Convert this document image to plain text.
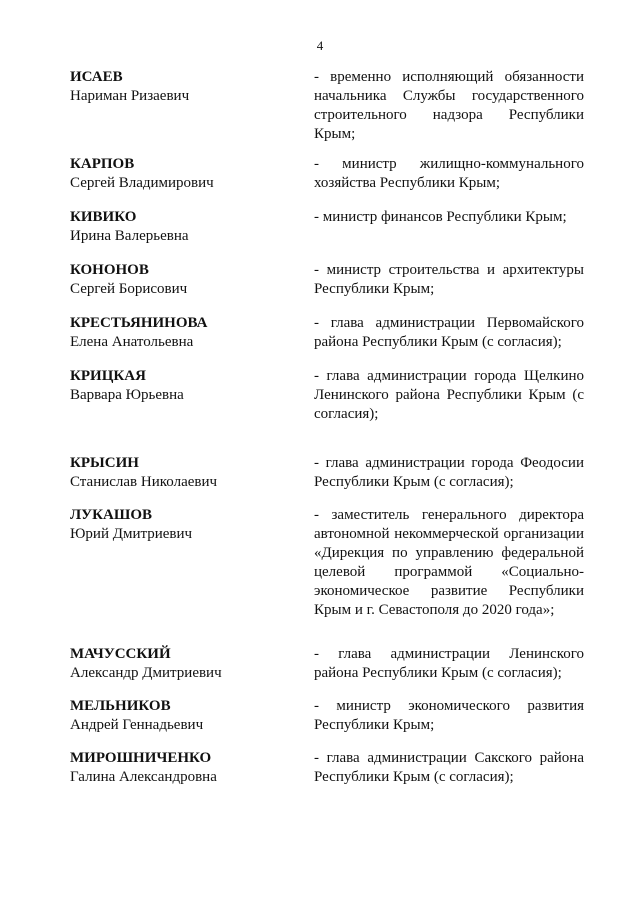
4
ИСАЕВ
Нариман Ризаевич
- временно исполняющий обязанности начальника Службы государственного строительного надзора Республики Крым;
КАРПОВ
Сергей Владимирович
- министр жилищно-коммунального хозяйства Республики Крым;
КИВИКО
Ирина Валерьевна
- министр финансов Республики Крым;
КОНОНОВ
Сергей Борисович
- министр строительства и архитектуры Республики Крым;
КРЕСТЬЯНИНОВА
Елена Анатольевна
- глава администрации Первомайского района Республики Крым (с согласия);
КРИЦКАЯ
Варвара Юрьевна
- глава администрации города Щелкино Ленинского района Республики Крым (с согласия);
КРЫСИН
Станислав Николаевич
- глава администрации города Феодосии Республики Крым (с согласия);
ЛУКАШОВ
Юрий Дмитриевич
- заместитель генерального директора автономной некоммерческой организации «Дирекция по управлению федеральной целевой программой «Социально-экономическое развитие Республики Крым и г. Севастополя до 2020 года»;
МАЧУССКИЙ
Александр Дмитриевич
- глава администрации Ленинского района Республики Крым (с согласия);
МЕЛЬНИКОВ
Андрей Геннадьевич
- министр экономического развития Республики Крым;
МИРОШНИЧЕНКО
Галина Александровна
- глава администрации Сакского района Республики Крым (с согласия);
